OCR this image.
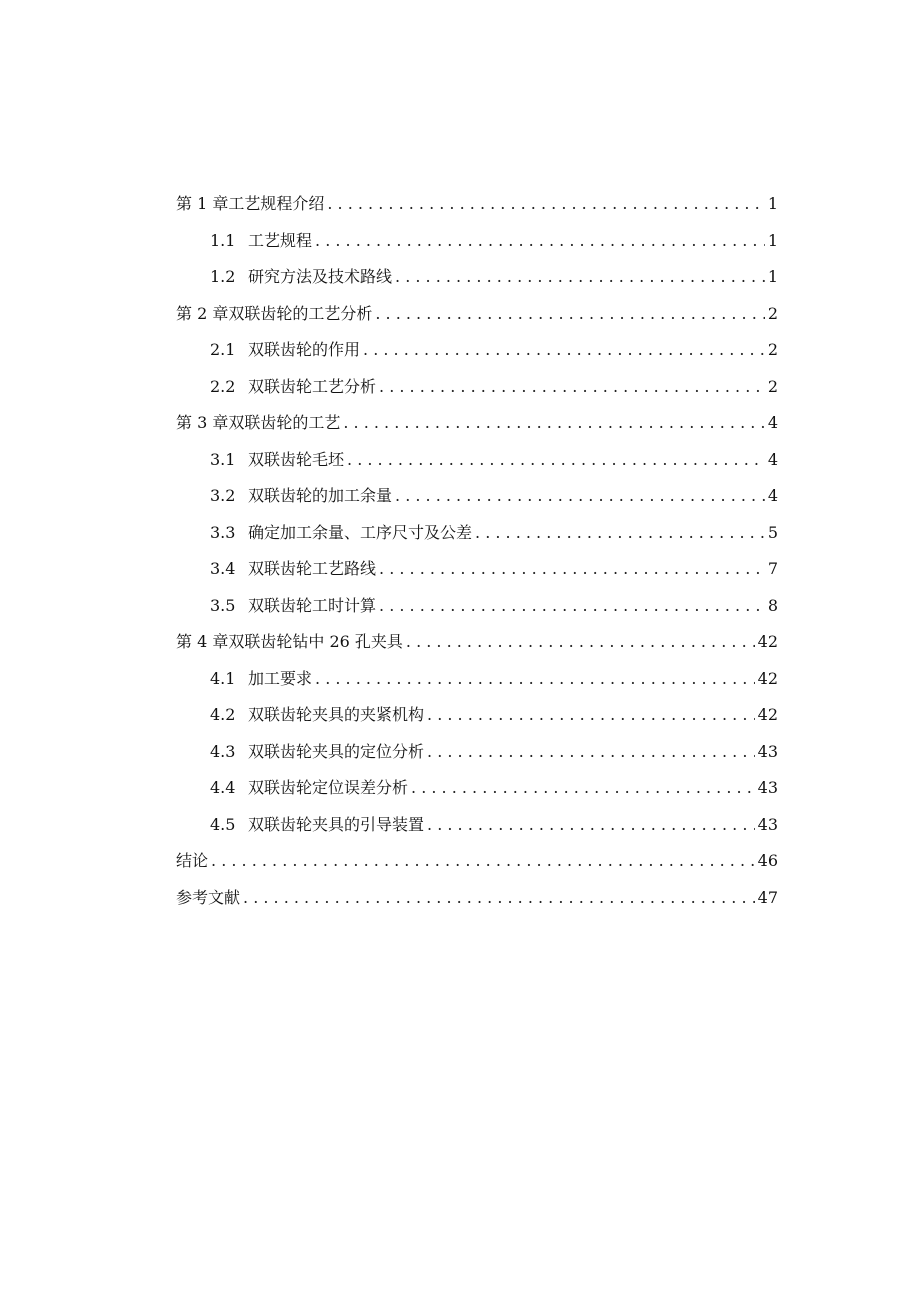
第 1 章工艺规程介绍 . . .	1
1.1 工艺规程 . . .	1
1.2 研究方法及技术路线 . . .	1
第 2 章双联齿轮的工艺分析 . . .	2
2.1 双联齿轮的作用 . . .	2
2.2 双联齿轮工艺分析 . . .	2
第 3 章双联齿轮的工艺 . . .	4
3.1 双联齿轮毛坯 . . .	4
3.2 双联齿轮的加工余量 . . .	4
3.3 确定加工余量、工序尺寸及公差 . . .	5
3.4 双联齿轮工艺路线 . . .	7
3.5 双联齿轮工时计算 . . .	8
第 4 章双联齿轮钻中 26 孔夹具 . . .	42
4.1 加工要求 . . .	42
4.2 双联齿轮夹具的夹紧机构 . . .	42
4.3 双联齿轮夹具的定位分析 . . .	43
4.4 双联齿轮定位误差分析 . . .	43
4.5 双联齿轮夹具的引导装置 . . .	43
结论 . . .	46
参考文献 . . .	47
